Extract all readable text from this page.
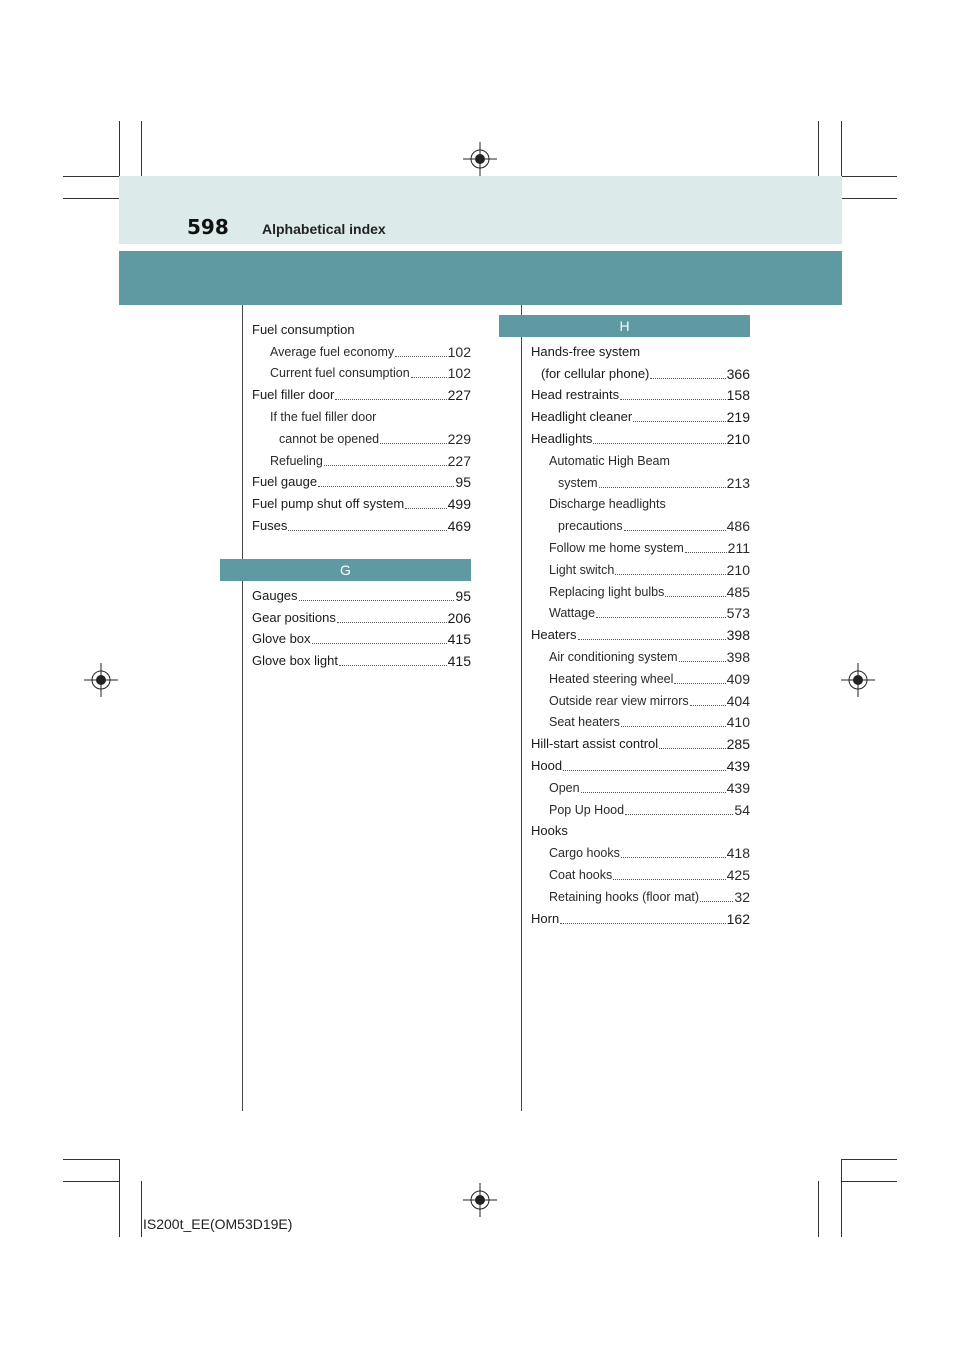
598 Alphabetical index
Fuel consumption
Average fuel economy	102
Current fuel consumption	102
Fuel filler door	227
If the fuel filler door
cannot be opened	229
Refueling	227
Fuel gauge	95
Fuel pump shut off system	499
Fuses	469
G
Gauges	95
Gear positions	206
Glove box	415
Glove box light	415
H
Hands-free system
(for cellular phone)	366
Head restraints	158
Headlight cleaner	219
Headlights	210
Automatic High Beam
system	213
Discharge headlights
precautions	486
Follow me home system	211
Light switch	210
Replacing light bulbs	485
Wattage	573
Heaters	398
Air conditioning system	398
Heated steering wheel	409
Outside rear view mirrors	404
Seat heaters	410
Hill-start assist control	285
Hood	439
Open	439
Pop Up Hood	54
Hooks
Cargo hooks	418
Coat hooks	425
Retaining hooks (floor mat)	32
Horn	162
IS200t_EE(OM53D19E)
